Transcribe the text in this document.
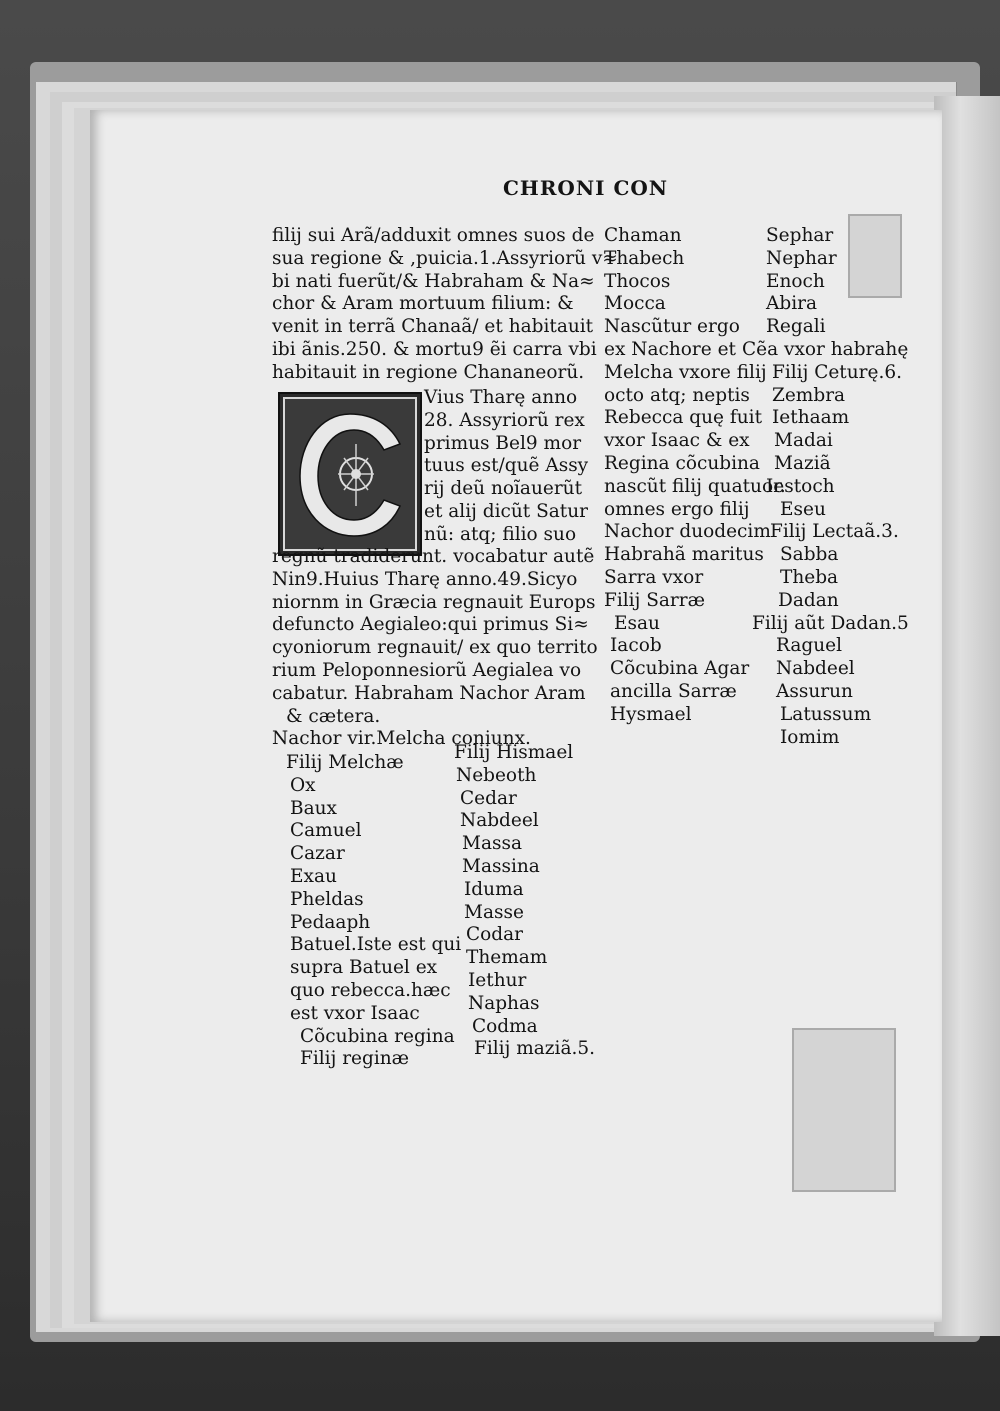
CHRONI CON
filij sui Arã/adduxit omnes suos de
sua regione & ,puicia.1.Assyriorũ v≈
bi nati fuerũt/& Habraham & Na≈
chor & Aram mortuum filium: &
venit in terrã Chanaã/ et habitauit
ibi ãnis.250. & mortu9 ẽi carra vbi
habitauit in regione Chananeorũ.
Vius Tharę anno
28. Assyriorũ rex
primus Bel9 mor
tuus est/quẽ Assy
rij deũ noĩauerũt
et alij dicũt Satur
nũ: atq; filio suo
regnũ tradiderunt. vocabatur autẽ
Nin9.Huius Tharę anno.49.Sicyo
niornm in Græcia regnauit Europs
defuncto Aegialeo:qui primus Si≈
cyoniorum regnauit/ ex quo territo
rium Peloponnesiorũ Aegialea vo
cabatur. Habraham Nachor Aram
& cætera.
Nachor vir.Melcha coniunx.
Filij Melchæ
Ox
Baux
Camuel
Cazar
Exau
Pheldas
Pedaaph
Batuel.Iste est qui
supra Batuel ex
quo rebecca.hæc
est vxor Isaac
Cõcubina regina
Filij reginæ
Filij Hismael
Nebeoth
Cedar
Nabdeel
Massa
Massina
Iduma
Masse
Codar
Themam
Iethur
Naphas
Codma
Filij maziã.5.
Chaman
Thabech
Thocos
Mocca
Nascũtur ergo
ex Nachore et
Melcha vxore filij
octo atq; neptis
Rebecca quę fuit
vxor Isaac & ex
Regina cõcubina
nascũt filij quatuor.
omnes ergo filij
Nachor duodecim
Habrahã maritus
Sarra vxor
Filij Sarræ
Esau
Iacob
Cõcubina Agar
ancilla Sarræ
Hysmael
Sephar
Nephar
Enoch
Abira
Regali
Cẽa vxor habrahę
Filij Ceturę.6.
Zembra
Iethaam
Madai
Maziã
Iestoch
Eseu
Filij Lectaã.3.
Sabba
Theba
Dadan
Filij aũt Dadan.5
Raguel
Nabdeel
Assurun
Latussum
Iomim
